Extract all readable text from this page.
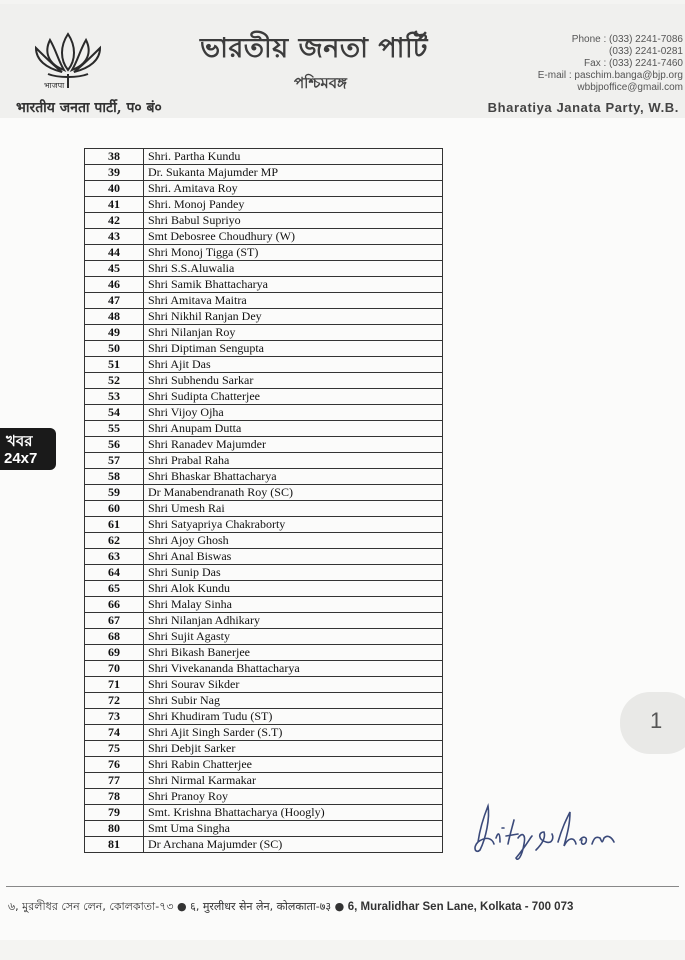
भाजपा
ভারতীয় জনতা পার্টি
পশ্চিমবঙ্গ
Phone : (033) 2241-7086
(033) 2241-0281
Fax : (033) 2241-7460
E-mail : paschim.banga@bjp.org
wbbjpoffice@gmail.com
भारतीय जनता पार्टी, प० बं०	Bharatiya Janata Party, W.B.
38	Shri. Partha Kundu
39	Dr. Sukanta Majumder MP
40	Shri. Amitava Roy
41	Shri. Monoj Pandey
42	Shri Babul Supriyo
43	Smt Debosree Choudhury (W)
44	Shri Monoj Tigga (ST)
45	Shri S.S.Aluwalia
46	Shri Samik Bhattacharya
47	Shri Amitava Maitra
48	Shri Nikhil Ranjan Dey
49	Shri Nilanjan Roy
50	Shri Diptiman Sengupta
51	Shri Ajit Das
52	Shri Subhendu Sarkar
53	Shri Sudipta Chatterjee
54	Shri Vijoy Ojha
55	Shri Anupam Dutta
56	Shri Ranadev Majumder
57	Shri Prabal Raha
58	Shri Bhaskar Bhattacharya
59	Dr Manabendranath Roy (SC)
60	Shri Umesh Rai
61	Shri Satyapriya Chakraborty
62	Shri Ajoy Ghosh
63	Shri Anal Biswas
64	Shri Sunip Das
65	Shri Alok Kundu
66	Shri Malay Sinha
67	Shri Nilanjan Adhikary
68	Shri Sujit Agasty
69	Shri Bikash Banerjee
70	Shri Vivekananda Bhattacharya
71	Shri Sourav Sikder
72	Shri Subir Nag
73	Shri Khudiram Tudu (ST)
74	Shri Ajit Singh Sarder (S.T)
75	Shri Debjit Sarker
76	Shri Rabin Chatterjee
77	Shri Nirmal Karmakar
78	Shri Pranoy Roy
79	Smt. Krishna Bhattacharya (Hoogly)
80	Smt Uma Singha
81	Dr Archana Majumder (SC)
খবর
24x7
1
৬, মুরলীধর সেন লেন, কোলকাতা-৭৩ ● ६, मुरलीधर सेन लेन, कोलकाता-७३ ● 6, Muralidhar Sen Lane, Kolkata - 700 073
